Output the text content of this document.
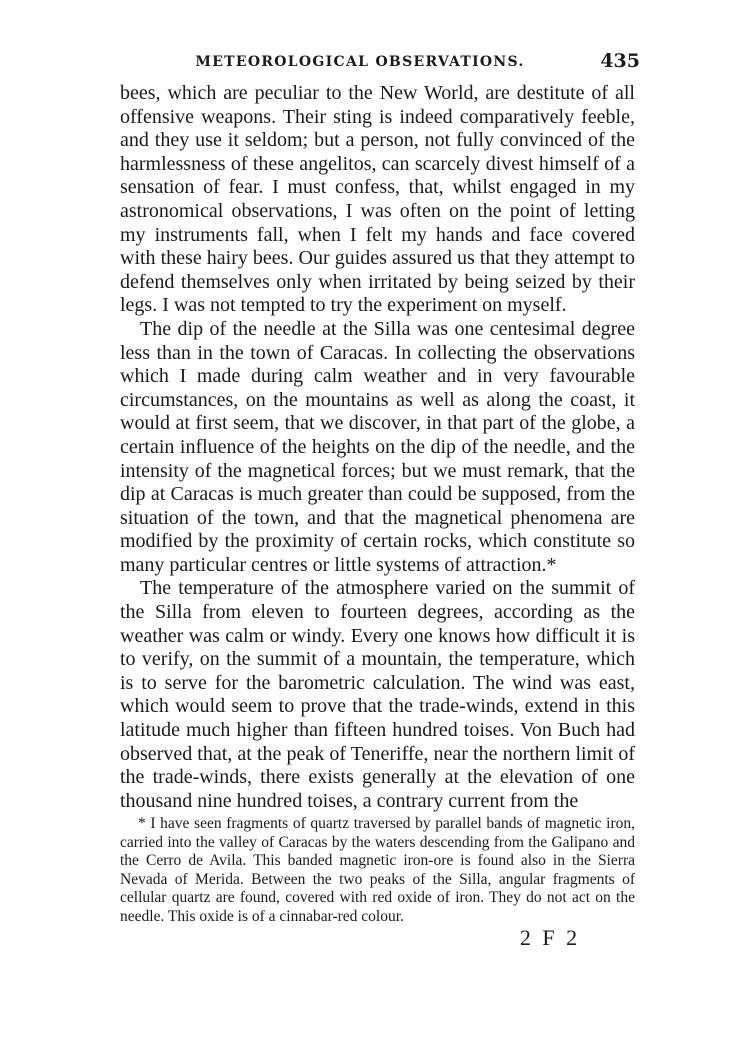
METEOROLOGICAL OBSERVATIONS.	435

bees, which are peculiar to the New World, are destitute of all offensive weapons. Their sting is indeed comparatively feeble, and they use it seldom; but a person, not fully convinced of the harmlessness of these angelitos, can scarcely divest himself of a sensation of fear. I must confess, that, whilst engaged in my astronomical observations, I was often on the point of letting my instruments fall, when I felt my hands and face covered with these hairy bees. Our guides assured us that they attempt to defend themselves only when irritated by being seized by their legs. I was not tempted to try the experiment on myself.

The dip of the needle at the Silla was one centesimal degree less than in the town of Caracas. In collecting the observations which I made during calm weather and in very favourable circumstances, on the mountains as well as along the coast, it would at first seem, that we discover, in that part of the globe, a certain influence of the heights on the dip of the needle, and the intensity of the magnetical forces; but we must remark, that the dip at Caracas is much greater than could be supposed, from the situation of the town, and that the magnetical phenomena are modified by the proximity of certain rocks, which constitute so many particular centres or little systems of attraction.*

The temperature of the atmosphere varied on the summit of the Silla from eleven to fourteen degrees, according as the weather was calm or windy. Every one knows how difficult it is to verify, on the summit of a mountain, the temperature, which is to serve for the barometric calculation. The wind was east, which would seem to prove that the trade-winds, extend in this latitude much higher than fifteen hundred toises. Von Buch had observed that, at the peak of Teneriffe, near the northern limit of the trade-winds, there exists generally at the elevation of one thousand nine hundred toises, a contrary current from the

* I have seen fragments of quartz traversed by parallel bands of magnetic iron, carried into the valley of Caracas by the waters descending from the Galipano and the Cerro de Avila. This banded magnetic iron-ore is found also in the Sierra Nevada of Merida. Between the two peaks of the Silla, angular fragments of cellular quartz are found, covered with red oxide of iron. They do not act on the needle. This oxide is of a cinnabar-red colour.

2 F 2
